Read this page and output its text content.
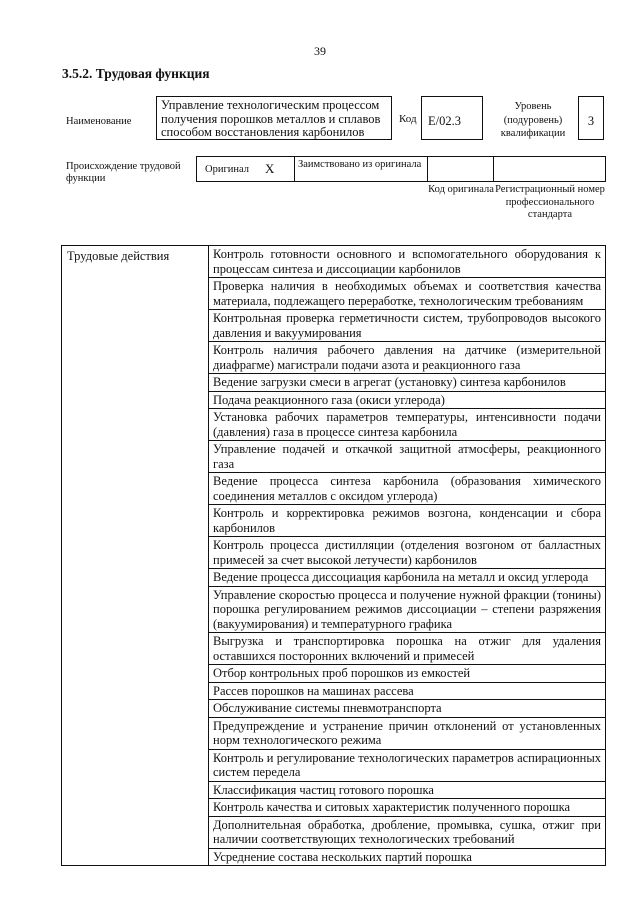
39
3.5.2. Трудовая функция
Наименование
Управление технологическим процессом получения порошков металлов и сплавов способом восстановления карбонилов
Код E/02.3
Уровень (подуровень) квалификации
3
Происхождение трудовой функции
Оригинал X	Заимствовано из оригинала
Код оригинала Регистрационный номер профессионального стандарта
Трудовые действия	Контроль готовности основного и вспомогательного оборудования к процессам синтеза и диссоциации карбонилов
Проверка наличия в необходимых объемах и соответствия качества материала, подлежащего переработке, технологическим требованиям
Контрольная проверка герметичности систем, трубопроводов высокого давления и вакуумирования
Контроль наличия рабочего давления на датчике (измерительной диафрагме) магистрали подачи азота и реакционного газа
Ведение загрузки смеси в агрегат (установку) синтеза карбонилов
Подача реакционного газа (окиси углерода)
Установка рабочих параметров температуры, интенсивности подачи (давления) газа в процессе синтеза карбонила
Управление подачей и откачкой защитной атмосферы, реакционного газа
Ведение процесса синтеза карбонила (образования химического соединения металлов с оксидом углерода)
Контроль и корректировка режимов возгона, конденсации и сбора карбонилов
Контроль процесса дистилляции (отделения возгоном от балластных примесей за счет высокой летучести) карбонилов
Ведение процесса диссоциация карбонила на металл и оксид углерода
Управление скоростью процесса и получение нужной фракции (тонины) порошка регулированием режимов диссоциации – степени разряжения (вакуумирования) и температурного графика
Выгрузка и транспортировка порошка на отжиг для удаления оставшихся посторонних включений и примесей
Отбор контрольных проб порошков из емкостей
Рассев порошков на машинах рассева
Обслуживание системы пневмотранспорта
Предупреждение и устранение причин отклонений от установленных норм технологического режима
Контроль и регулирование технологических параметров аспирационных систем передела
Классификация частиц готового порошка
Контроль качества и ситовых характеристик полученного порошка
Дополнительная обработка, дробление, промывка, сушка, отжиг при наличии соответствующих технологических требований
Усреднение состава нескольких партий порошка
